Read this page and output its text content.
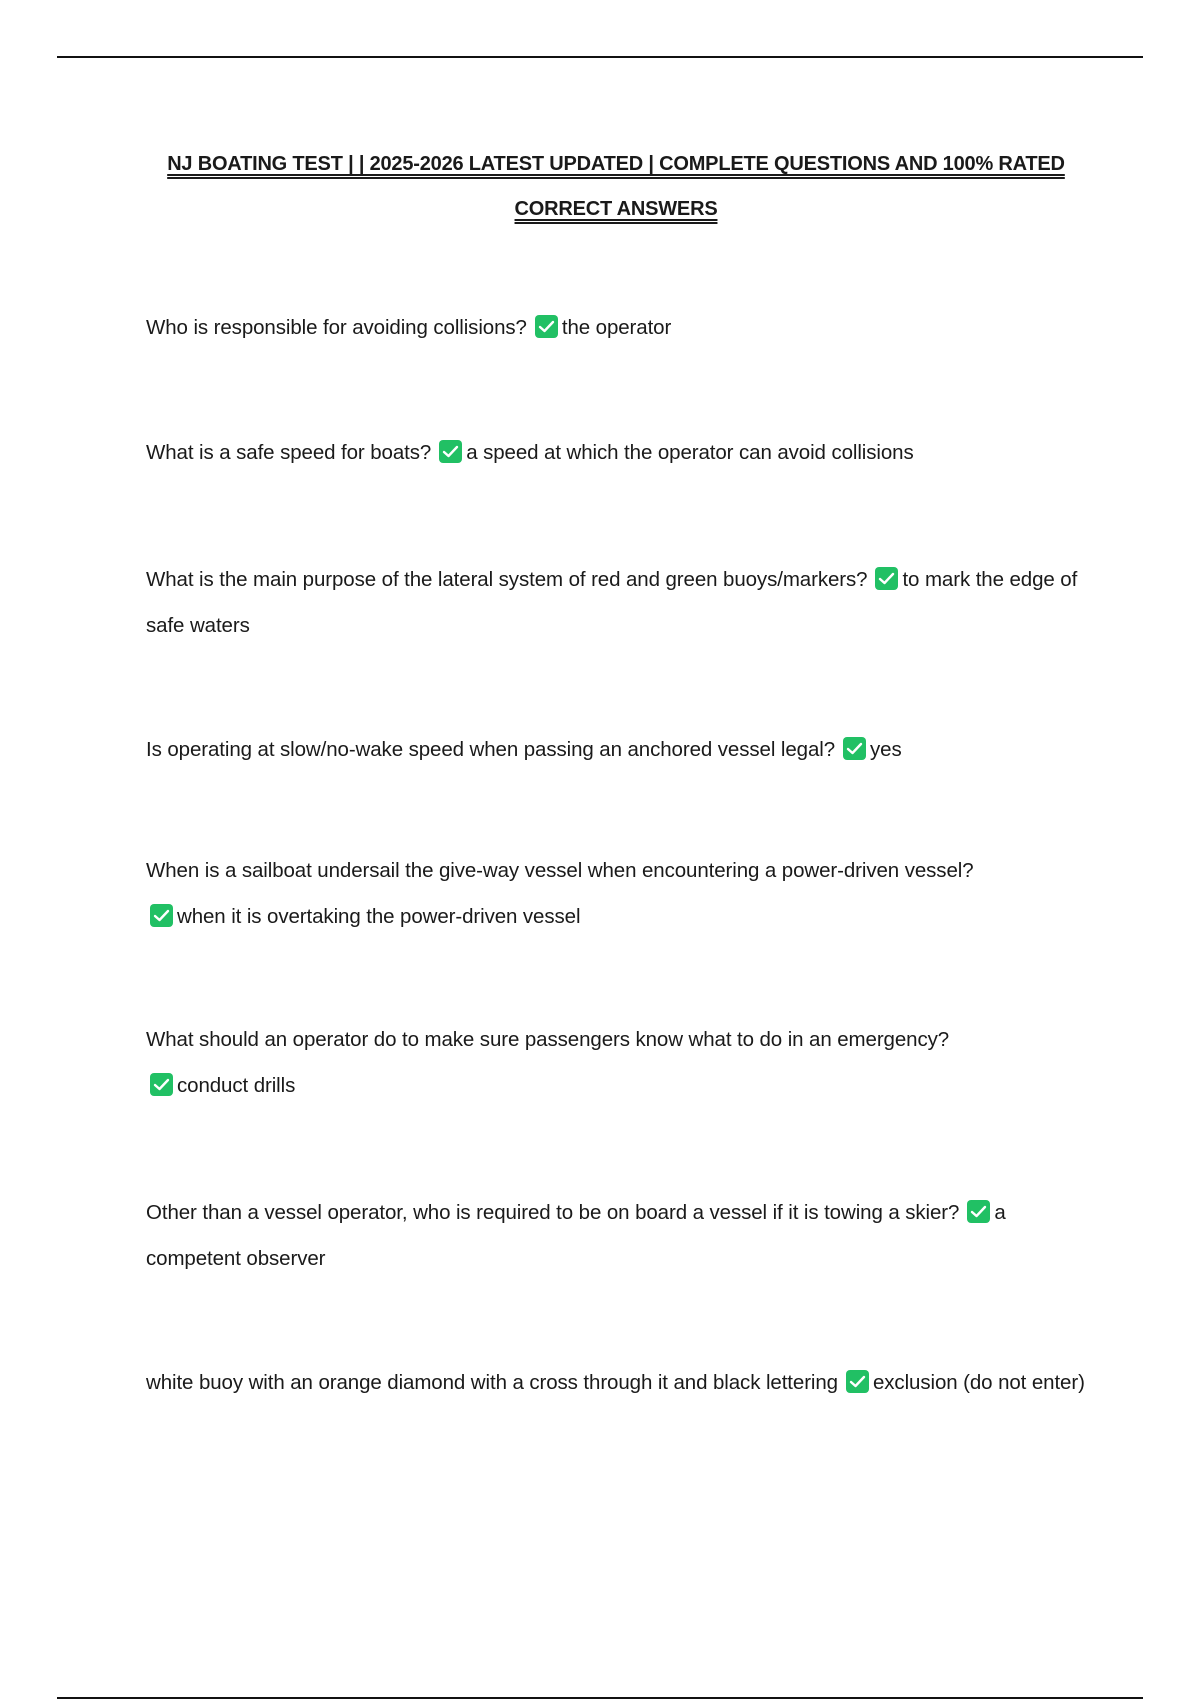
NJ BOATING TEST | | 2025-2026 LATEST UPDATED | COMPLETE QUESTIONS AND 100% RATED CORRECT ANSWERS
Who is responsible for avoiding collisions? the operator
What is a safe speed for boats? a speed at which the operator can avoid collisions
What is the main purpose of the lateral system of red and green buoys/markers? to mark the edge of safe waters
Is operating at slow/no-wake speed when passing an anchored vessel legal? yes
When is a sailboat undersail the give-way vessel when encountering a power-driven vessel?
when it is overtaking the power-driven vessel
What should an operator do to make sure passengers know what to do in an emergency?
conduct drills
Other than a vessel operator, who is required to be on board a vessel if it is towing a skier? a competent observer
white buoy with an orange diamond with a cross through it and black lettering exclusion (do not enter)
